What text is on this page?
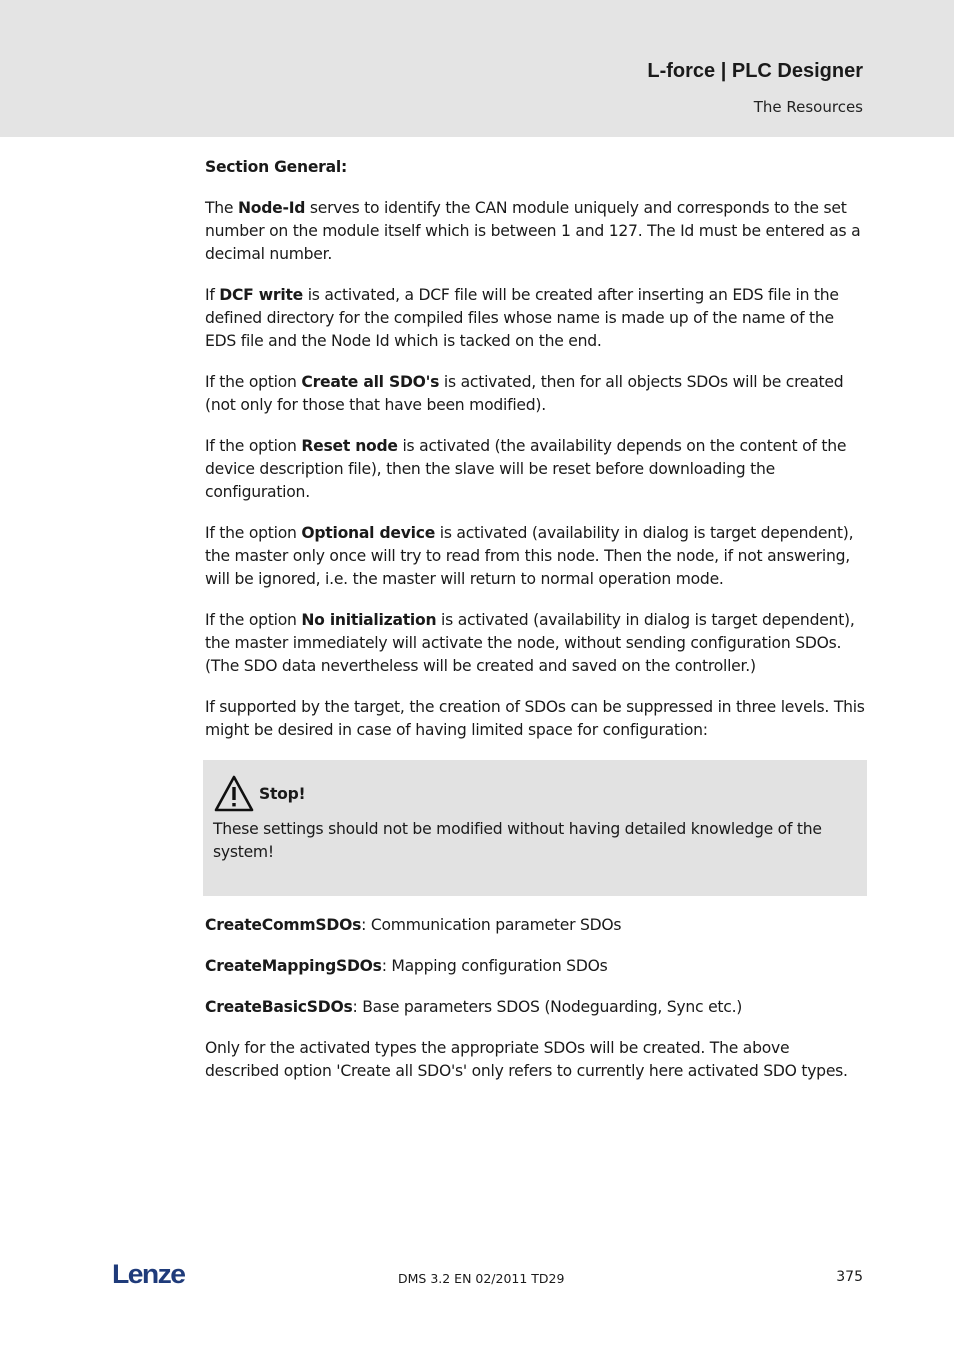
L-force | PLC Designer
The Resources

Section General:

The Node-Id serves to identify the CAN module uniquely and corresponds to the set number on the module itself which is between 1 and 127. The Id must be entered as a decimal number.

If DCF write is activated, a DCF file will be created after inserting an EDS file in the defined directory for the compiled files whose name is made up of the name of the EDS file and the Node Id which is tacked on the end.

If the option Create all SDO's is activated, then for all objects SDOs will be created (not only for those that have been modified).

If the option Reset node is activated (the availability depends on the content of the device description file), then the slave will be reset before downloading the configuration.

If the option Optional device is activated (availability in dialog is target dependent), the master only once will try to read from this node. Then the node, if not answering, will be ignored, i.e. the master will return to normal operation mode.

If the option No initialization is activated (availability in dialog is target dependent), the master immediately will activate the node, without sending configuration SDOs. (The SDO data nevertheless will be created and saved on the controller.)

If supported by the target, the creation of SDOs can be suppressed in three levels. This might be desired in case of having limited space for configuration:

Stop!

These settings should not be modified without having detailed knowledge of the system!

CreateCommSDOs: Communication parameter SDOs

CreateMappingSDOs: Mapping configuration SDOs

CreateBasicSDOs: Base parameters SDOS (Nodeguarding, Sync etc.)

Only for the activated types the appropriate SDOs will be created. The above described option 'Create all SDO's' only refers to currently here activated SDO types.

Lenze	DMS 3.2 EN 02/2011 TD29	375
